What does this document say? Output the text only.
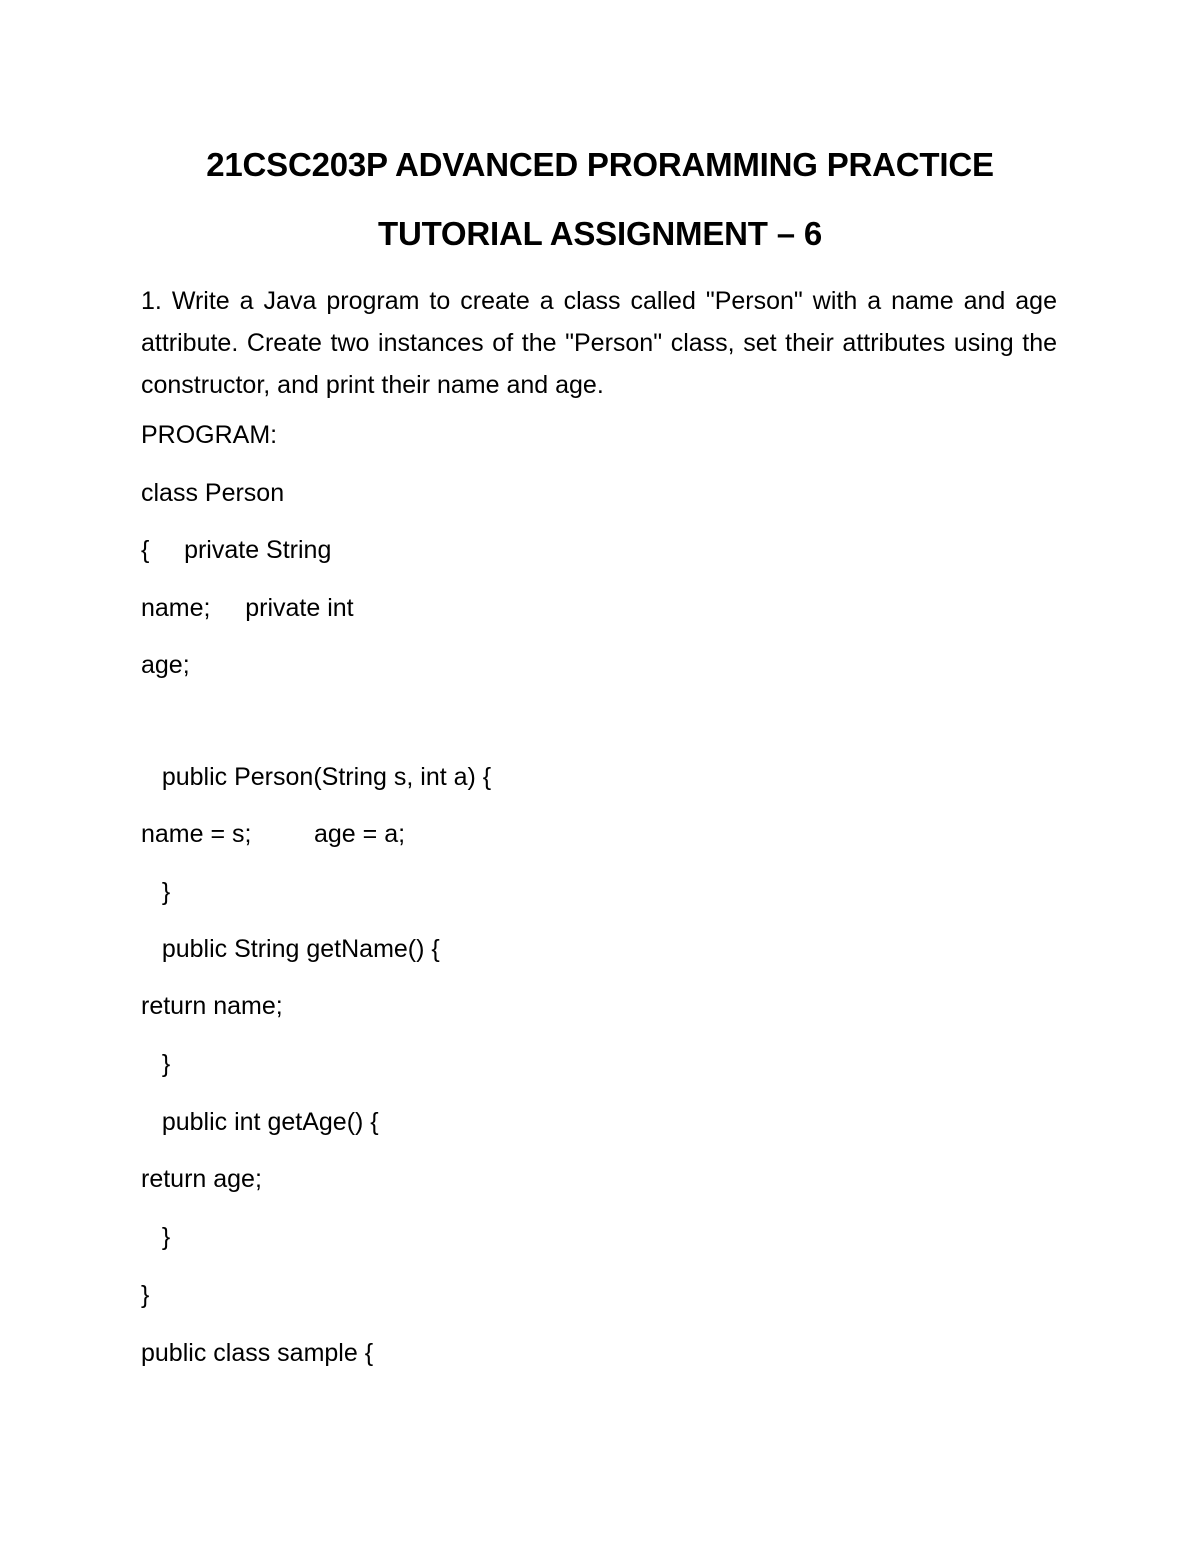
21CSC203P ADVANCED PRORAMMING PRACTICE
TUTORIAL ASSIGNMENT – 6
1. Write a Java program to create a class called "Person" with a name and age attribute. Create two instances of the "Person" class, set their attributes using the constructor, and print their name and age.
PROGRAM:
class Person
{     private String
name;     private int
age;
public Person(String s, int a) {
name = s;         age = a;
}
public String getName() {
return name;
}
public int getAge() {
return age;
}
}
public class sample {
